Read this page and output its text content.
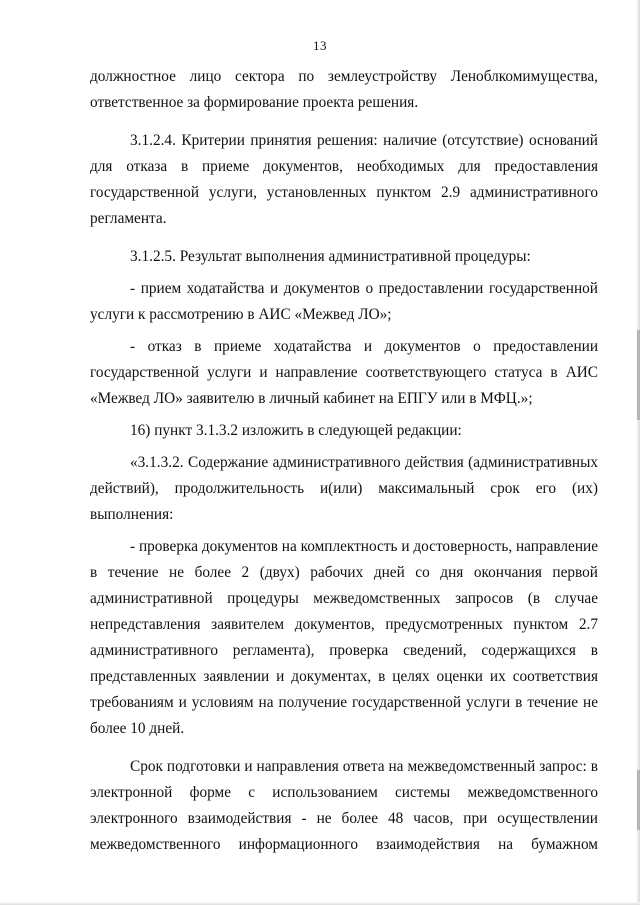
13
должностное лицо сектора по землеустройству Леноблкомимущества,
ответственное за формирование проекта решения.
3.1.2.4. Критерии принятия решения: наличие (отсутствие) оснований
для отказа в приеме документов, необходимых для предоставления
государственной услуги, установленных пунктом 2.9 административного
регламента.
3.1.2.5. Результат выполнения административной процедуры:
- прием ходатайства и документов о предоставлении государственной
услуги к рассмотрению в АИС «Межвед ЛО»;
- отказ в приеме ходатайства и документов о предоставлении
государственной услуги и направление соответствующего статуса в АИС
«Межвед ЛО» заявителю в личный кабинет на ЕПГУ или в МФЦ.»;
16) пункт 3.1.3.2 изложить в следующей редакции:
«3.1.3.2. Содержание административного действия (административных
действий), продолжительность и(или) максимальный срок его (их)
выполнения:
- проверка документов на комплектность и достоверность, направление
в течение не более 2 (двух) рабочих дней со дня окончания первой
административной процедуры межведомственных запросов (в случае
непредставления заявителем документов, предусмотренных пунктом 2.7
административного регламента), проверка сведений, содержащихся в
представленных заявлении и документах, в целях оценки их соответствия
требованиям и условиям на получение государственной услуги в течение не
более 10 дней.
Срок подготовки и направления ответа на межведомственный запрос: в
электронной форме с использованием системы межведомственного
электронного взаимодействия - не более 48 часов, при осуществлении
межведомственного информационного взаимодействия на бумажном
